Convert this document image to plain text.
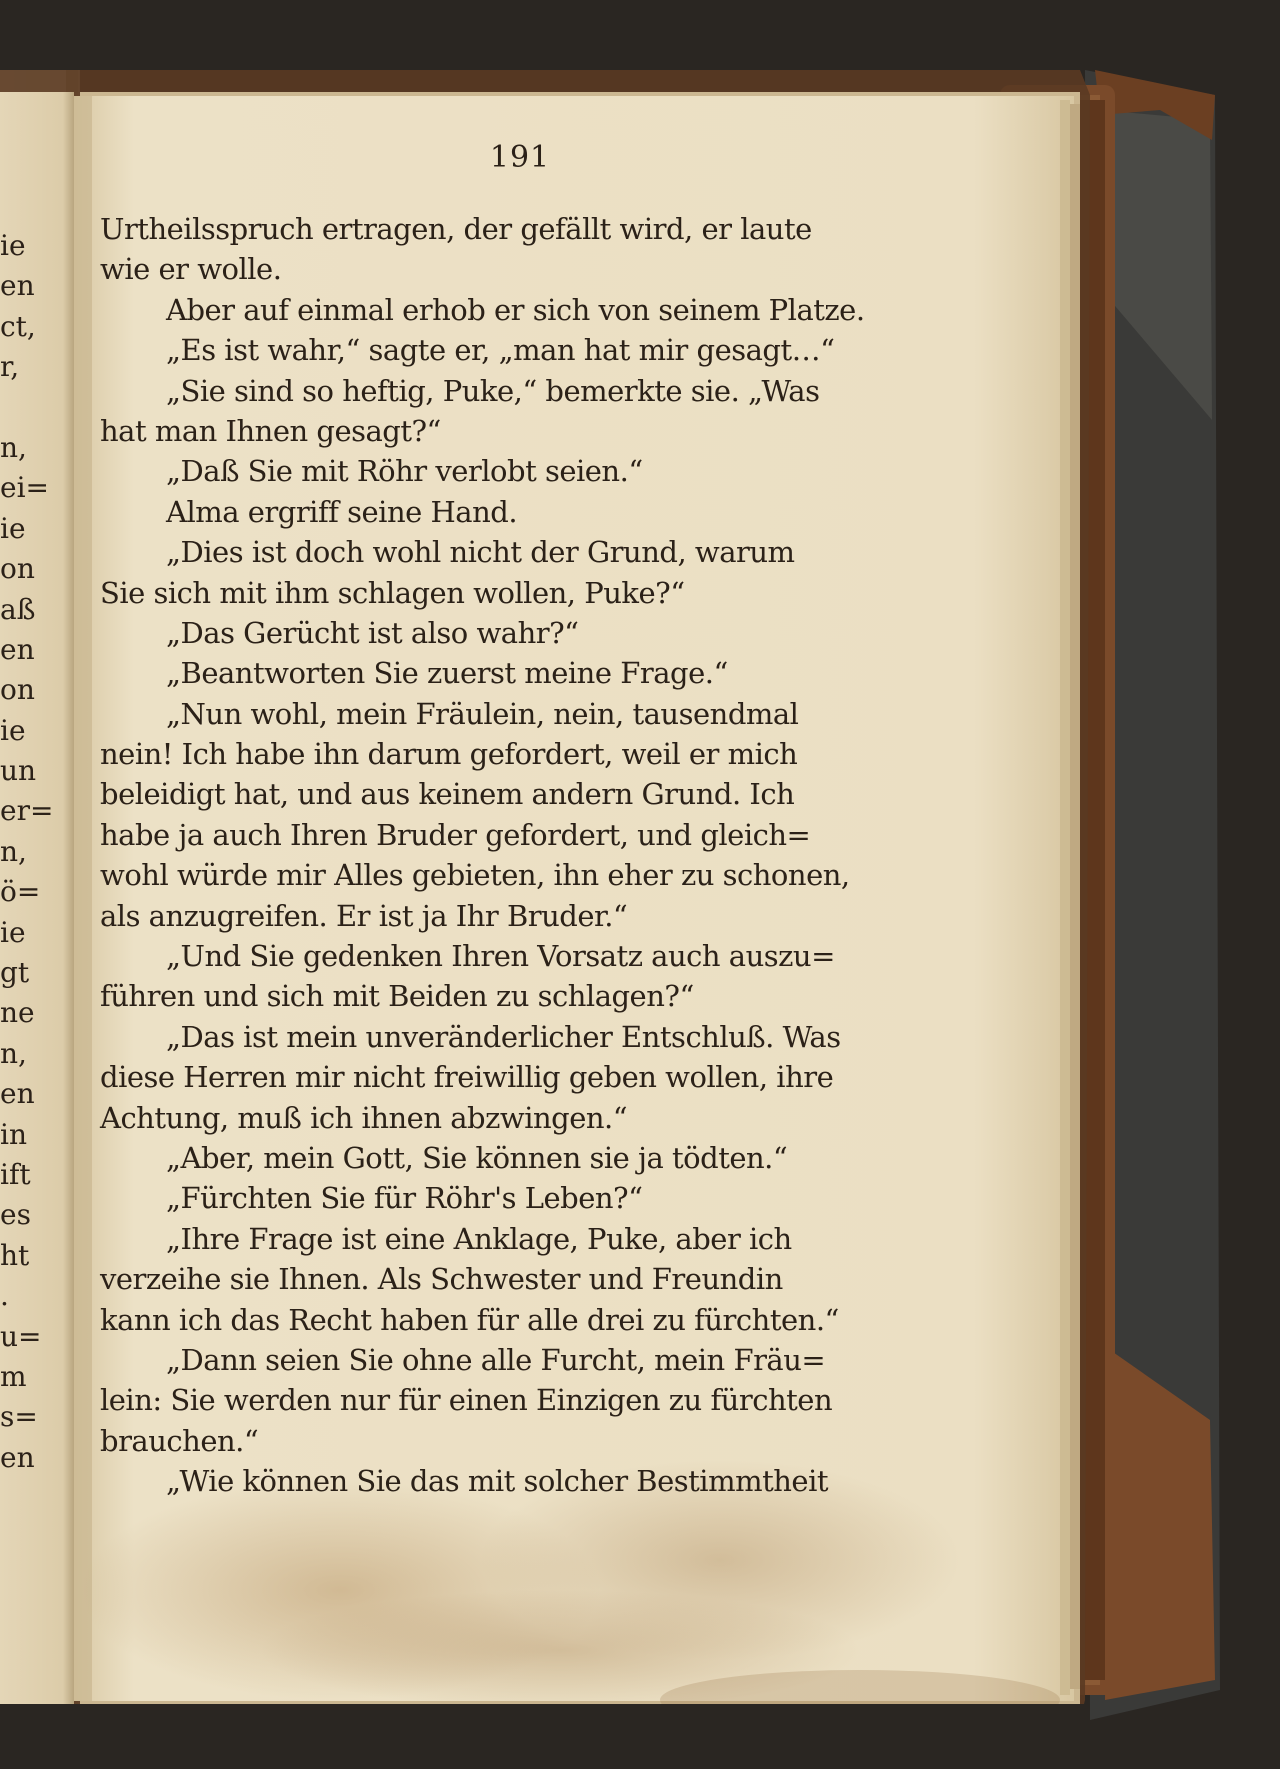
ie
en
ct,
r,
n,
ei=
ie
on
aß
en
on
ie
un
er=
n,
ö=
ie
gt
ne
n,
en
in
ift
es
ht
.
u=
m
s=
en
191
Urtheilsspruch ertragen, der gefällt wird, er laute
wie er wolle.
Aber auf einmal erhob er sich von seinem Platze.
„Es ist wahr,“ sagte er, „man hat mir gesagt…“
„Sie sind so heftig, Puke,“ bemerkte sie. „Was
hat man Ihnen gesagt?“
„Daß Sie mit Röhr verlobt seien.“
Alma ergriff seine Hand.
„Dies ist doch wohl nicht der Grund, warum
Sie sich mit ihm schlagen wollen, Puke?“
„Das Gerücht ist also wahr?“
„Beantworten Sie zuerst meine Frage.“
„Nun wohl, mein Fräulein, nein, tausendmal
nein! Ich habe ihn darum gefordert, weil er mich
beleidigt hat, und aus keinem andern Grund. Ich
habe ja auch Ihren Bruder gefordert, und gleich=
wohl würde mir Alles gebieten, ihn eher zu schonen,
als anzugreifen. Er ist ja Ihr Bruder.“
„Und Sie gedenken Ihren Vorsatz auch auszu=
führen und sich mit Beiden zu schlagen?“
„Das ist mein unveränderlicher Entschluß. Was
diese Herren mir nicht freiwillig geben wollen, ihre
Achtung, muß ich ihnen abzwingen.“
„Aber, mein Gott, Sie können sie ja tödten.“
„Fürchten Sie für Röhr's Leben?“
„Ihre Frage ist eine Anklage, Puke, aber ich
verzeihe sie Ihnen. Als Schwester und Freundin
kann ich das Recht haben für alle drei zu fürchten.“
„Dann seien Sie ohne alle Furcht, mein Fräu=
lein: Sie werden nur für einen Einzigen zu fürchten
brauchen.“
„Wie können Sie das mit solcher Bestimmtheit
